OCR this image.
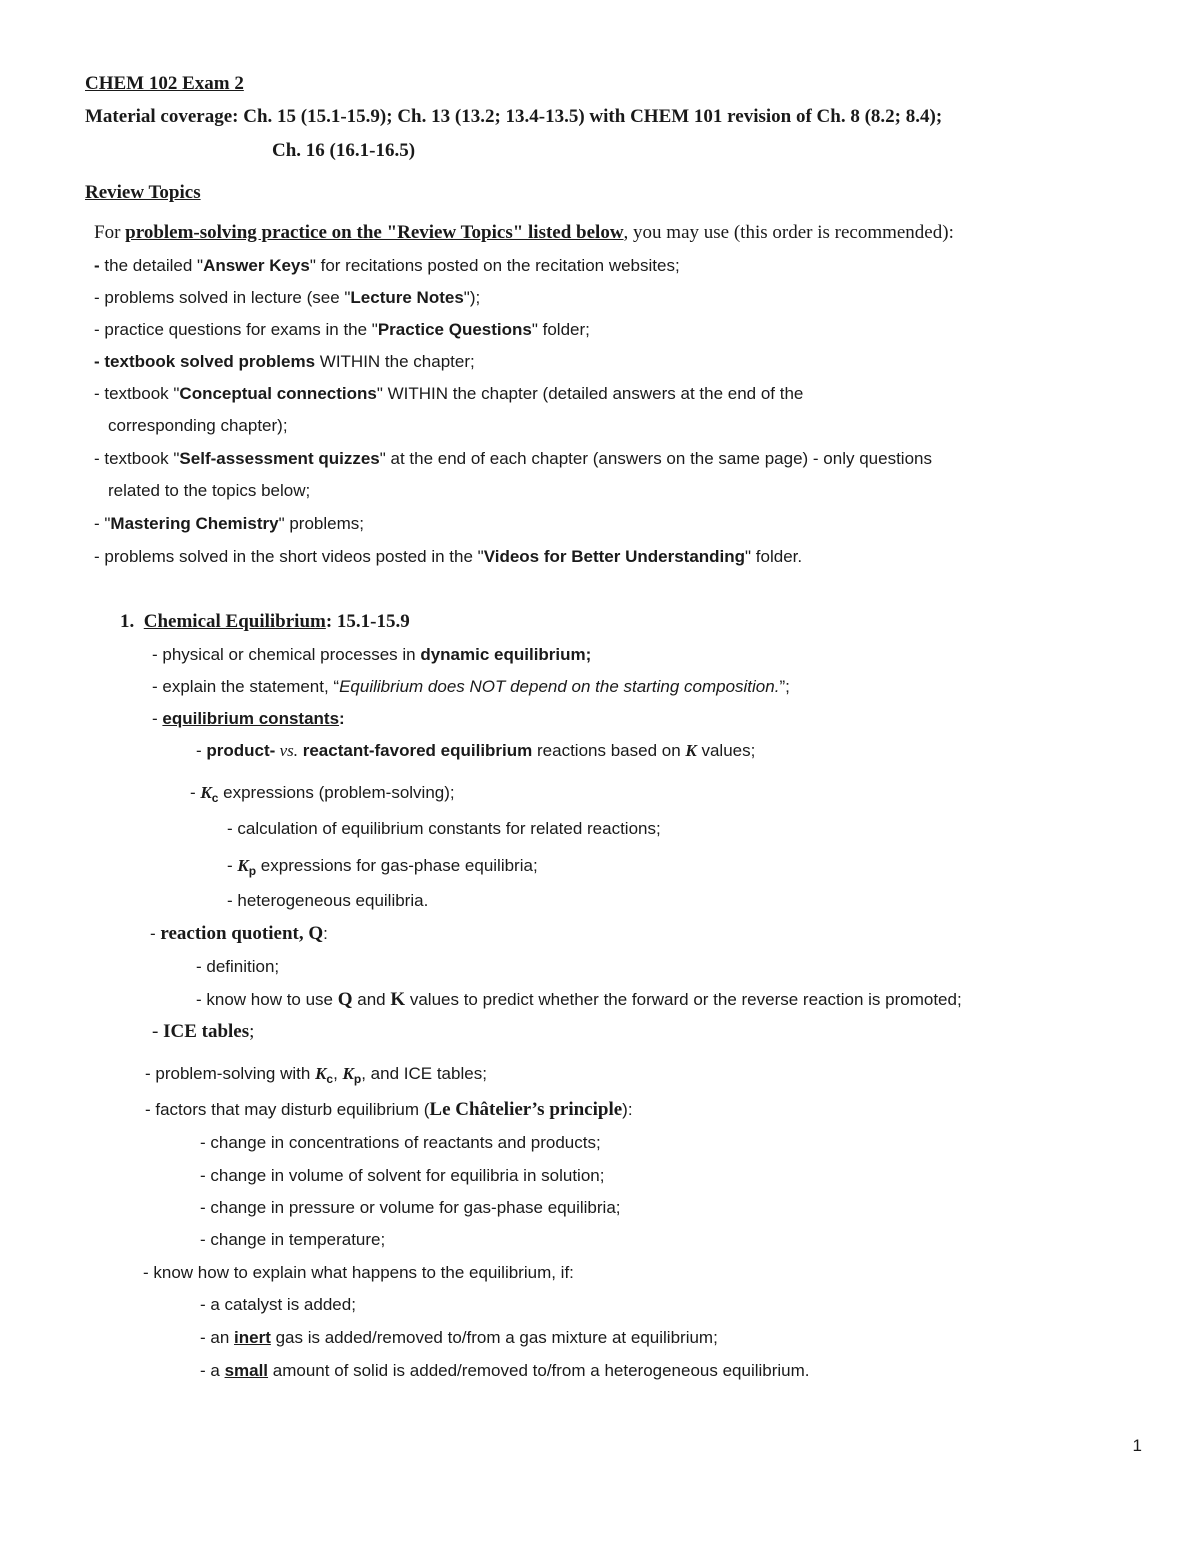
CHEM 102 Exam 2
Material coverage: Ch. 15 (15.1-15.9); Ch. 13 (13.2; 13.4-13.5) with CHEM 101 revision of Ch. 8 (8.2; 8.4);
Ch. 16 (16.1-16.5)
Review Topics
For problem-solving practice on the "Review Topics" listed below, you may use (this order is recommended):
- the detailed "Answer Keys" for recitations posted on the recitation websites;
- problems solved in lecture (see "Lecture Notes");
- practice questions for exams in the "Practice Questions" folder;
- textbook solved problems WITHIN the chapter;
- textbook "Conceptual connections" WITHIN the chapter (detailed answers at the end of the
corresponding chapter);
- textbook "Self-assessment quizzes" at the end of each chapter (answers on the same page) - only questions
related to the topics below;
- "Mastering Chemistry" problems;
- problems solved in the short videos posted in the "Videos for Better Understanding" folder.
1. Chemical Equilibrium: 15.1-15.9
- physical or chemical processes in dynamic equilibrium;
- explain the statement, “Equilibrium does NOT depend on the starting composition.”;
- equilibrium constants:
- product- vs. reactant-favored equilibrium reactions based on K values;
- $K_c$ expressions (problem-solving);
- calculation of equilibrium constants for related reactions;
- $K_p$ expressions for gas-phase equilibria;
- heterogeneous equilibria.
- reaction quotient, Q:
- definition;
- know how to use Q and K values to predict whether the forward or the reverse reaction is promoted;
- ICE tables;
- problem-solving with $K_c$, $K_p$, and ICE tables;
- factors that may disturb equilibrium (Le Châtelier’s principle):
- change in concentrations of reactants and products;
- change in volume of solvent for equilibria in solution;
- change in pressure or volume for gas-phase equilibria;
- change in temperature;
- know how to explain what happens to the equilibrium, if:
- a catalyst is added;
- an inert gas is added/removed to/from a gas mixture at equilibrium;
- a small amount of solid is added/removed to/from a heterogeneous equilibrium.
1
